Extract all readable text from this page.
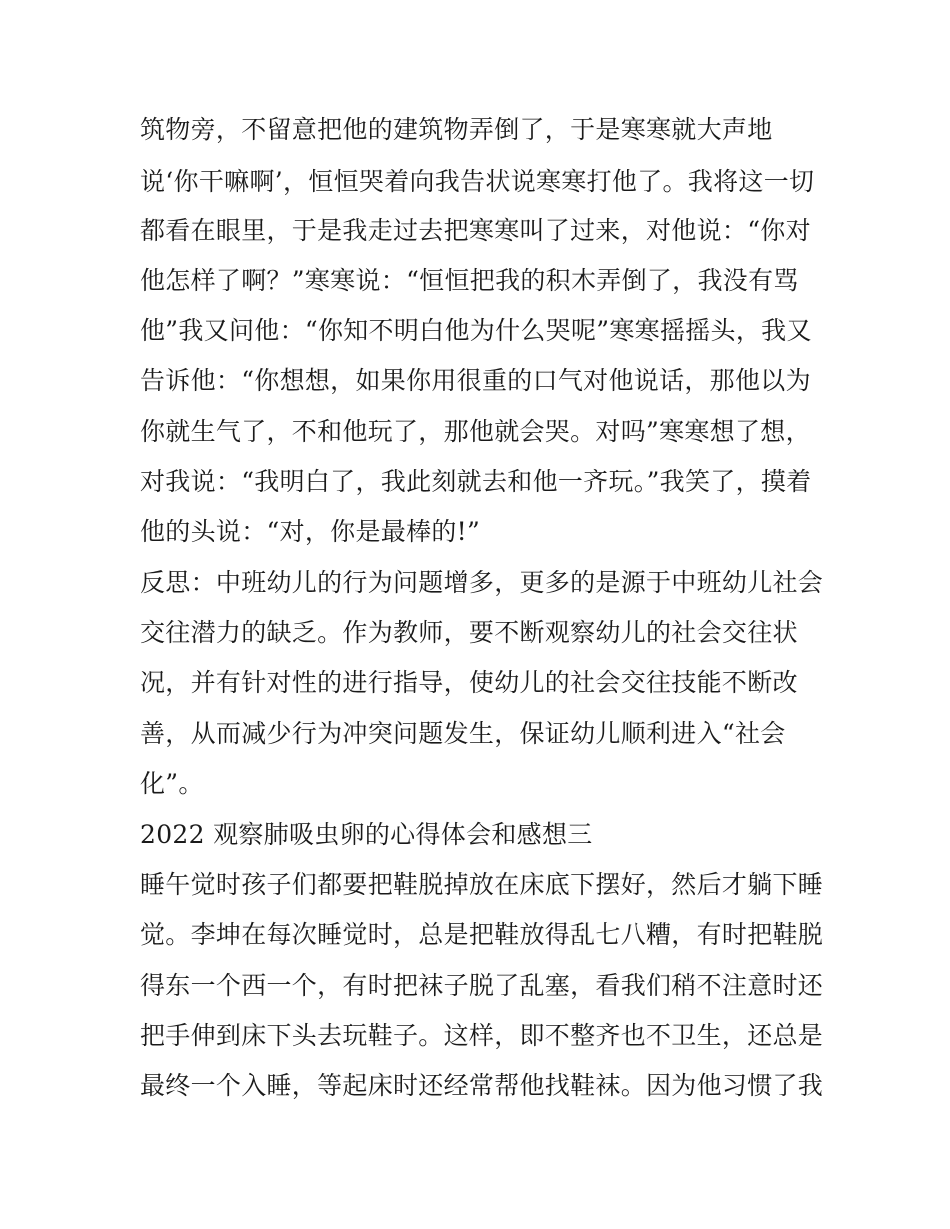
筑物旁，不留意把他的建筑物弄倒了，于是寒寒就大声地
说‘你干嘛啊’，恒恒哭着向我告状说寒寒打他了。我将这一切
都看在眼里，于是我走过去把寒寒叫了过来，对他说：“你对
他怎样了啊？”寒寒说：“恒恒把我的积木弄倒了，我没有骂
他”我又问他：“你知不明白他为什么哭呢”寒寒摇摇头，我又
告诉他：“你想想，如果你用很重的口气对他说话，那他以为
你就生气了，不和他玩了，那他就会哭。对吗”寒寒想了想，
对我说：“我明白了，我此刻就去和他一齐玩。”我笑了，摸着
他的头说：“对，你是最棒的!”
反思：中班幼儿的行为问题增多，更多的是源于中班幼儿社会
交往潜力的缺乏。作为教师，要不断观察幼儿的社会交往状
况，并有针对性的进行指导，使幼儿的社会交往技能不断改
善，从而减少行为冲突问题发生，保证幼儿顺利进入“社会
化”。
2022 观察肺吸虫卵的心得体会和感想三
睡午觉时孩子们都要把鞋脱掉放在床底下摆好，然后才躺下睡
觉。李坤在每次睡觉时，总是把鞋放得乱七八糟，有时把鞋脱
得东一个西一个，有时把袜子脱了乱塞，看我们稍不注意时还
把手伸到床下头去玩鞋子。这样，即不整齐也不卫生，还总是
最终一个入睡，等起床时还经常帮他找鞋袜。因为他习惯了我
